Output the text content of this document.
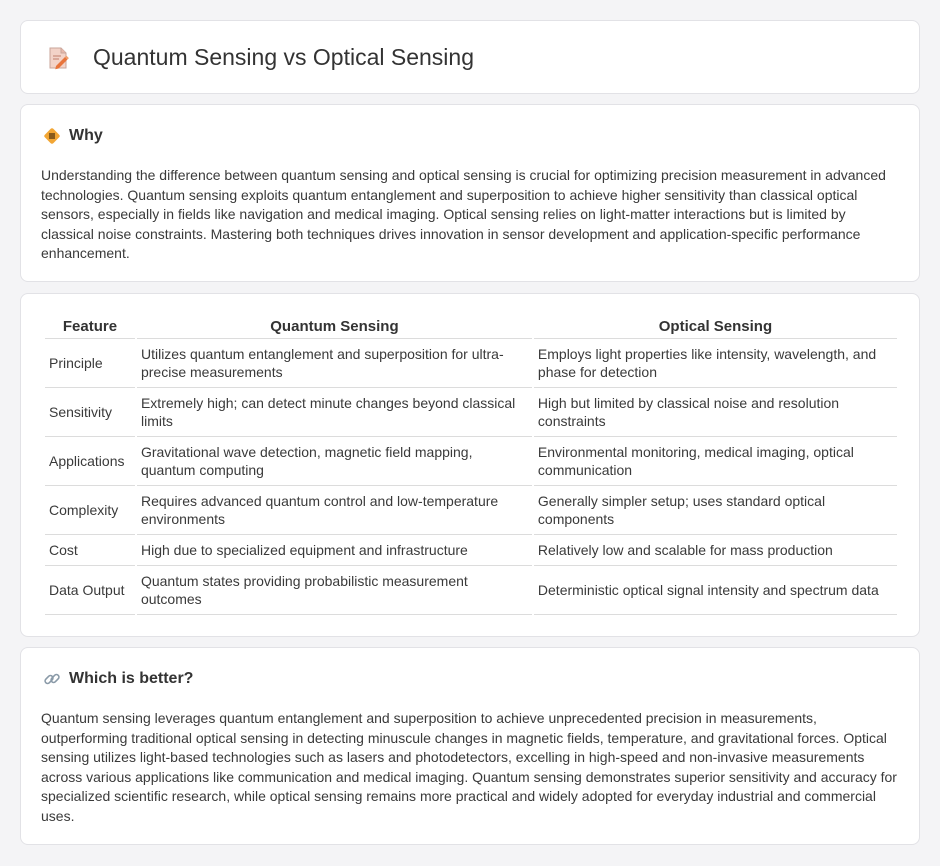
Quantum Sensing vs Optical Sensing
Why

Understanding the difference between quantum sensing and optical sensing is crucial for optimizing precision measurement in advanced technologies. Quantum sensing exploits quantum entanglement and superposition to achieve higher sensitivity than classical optical sensors, especially in fields like navigation and medical imaging. Optical sensing relies on light-matter interactions but is limited by classical noise constraints. Mastering both techniques drives innovation in sensor development and application-specific performance enhancement.

Feature	Quantum Sensing	Optical Sensing
Principle	Utilizes quantum entanglement and superposition for ultra-precise measurements	Employs light properties like intensity, wavelength, and phase for detection
Sensitivity	Extremely high; can detect minute changes beyond classical limits	High but limited by classical noise and resolution constraints
Applications	Gravitational wave detection, magnetic field mapping, quantum computing	Environmental monitoring, medical imaging, optical communication
Complexity	Requires advanced quantum control and low-temperature environments	Generally simpler setup; uses standard optical components
Cost	High due to specialized equipment and infrastructure	Relatively low and scalable for mass production
Data Output	Quantum states providing probabilistic measurement outcomes	Deterministic optical signal intensity and spectrum data
Which is better?

Quantum sensing leverages quantum entanglement and superposition to achieve unprecedented precision in measurements, outperforming traditional optical sensing in detecting minuscule changes in magnetic fields, temperature, and gravitational forces. Optical sensing utilizes light-based technologies such as lasers and photodetectors, excelling in high-speed and non-invasive measurements across various applications like communication and medical imaging. Quantum sensing demonstrates superior sensitivity and accuracy for specialized scientific research, while optical sensing remains more practical and widely adopted for everyday industrial and commercial uses.
